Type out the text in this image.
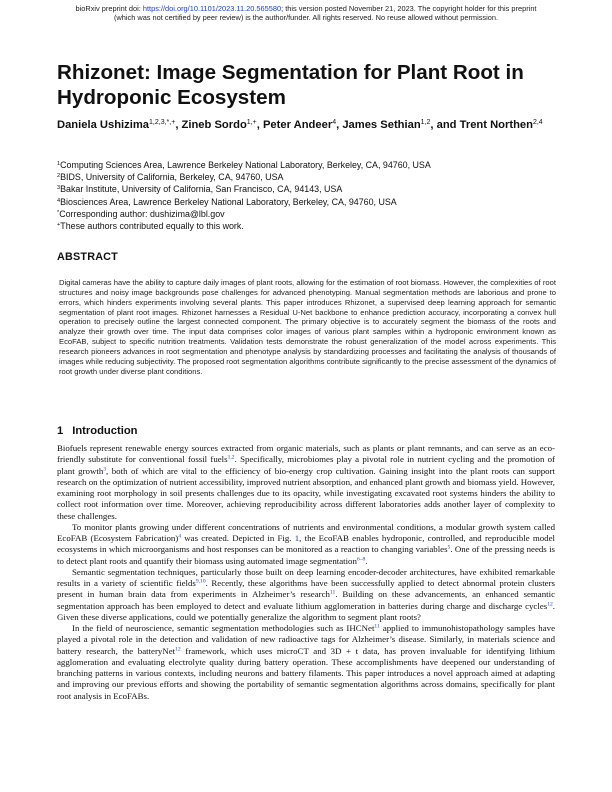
bioRxiv preprint doi: https://doi.org/10.1101/2023.11.20.565580; this version posted November 21, 2023. The copyright holder for this preprint
(which was not certified by peer review) is the author/funder. All rights reserved. No reuse allowed without permission.
Rhizonet: Image Segmentation for Plant Root in Hydroponic Ecosystem
Daniela Ushizima$^{1,2,3,*,+}$, Zineb Sordo$^{1,+}$, Peter Andeer$^4$, James Sethian$^{1,2}$, and Trent Northen$^{2,4}$
$^1$Computing Sciences Area, Lawrence Berkeley National Laboratory, Berkeley, CA, 94760, USA
$^2$BIDS, University of California, Berkeley, CA, 94760, USA
$^3$Bakar Institute, University of California, San Francisco, CA, 94143, USA
$^4$Biosciences Area, Lawrence Berkeley National Laboratory, Berkeley, CA, 94760, USA
*Corresponding author: dushizima@lbl.gov
+These authors contributed equally to this work.
ABSTRACT
Digital cameras have the ability to capture daily images of plant roots, allowing for the estimation of root biomass. However, the complexities of root structures and noisy image backgrounds pose challenges for advanced phenotyping. Manual segmentation methods are laborious and prone to errors, which hinders experiments involving several plants. This paper introduces Rhizonet, a supervised deep learning approach for semantic segmentation of plant root images. Rhizonet harnesses a Residual U-Net backbone to enhance prediction accuracy, incorporating a convex hull operation to precisely outline the largest connected component. The primary objective is to accurately segment the biomass of the roots and analyze their growth over time. The input data comprises color images of various plant samples within a hydroponic environment known as EcoFAB, subject to specific nutrition treatments. Validation tests demonstrate the robust generalization of the model across experiments. This research pioneers advances in root segmentation and phenotype analysis by standardizing processes and facilitating the analysis of thousands of images while reducing subjectivity. The proposed root segmentation algorithms contribute significantly to the precise assessment of the dynamics of root growth under diverse plant conditions.
1 Introduction

Biofuels represent renewable energy sources extracted from organic materials, such as plants or plant remnants, and can serve as an eco-friendly substitute for conventional fossil fuels$^{1,2}$. Specifically, microbiomes play a pivotal role in nutrient cycling and the promotion of plant growth$^3$, both of which are vital to the efficiency of bio-energy crop cultivation. Gaining insight into the plant roots can support research on the optimization of nutrient accessibility, improved nutrient absorption, and enhanced plant growth and biomass yield. However, examining root morphology in soil presents challenges due to its opacity, while investigating excavated root systems hinders the ability to collect root information over time. Moreover, achieving reproducibility across different laboratories adds another layer of complexity to these challenges.

To monitor plants growing under different concentrations of nutrients and environmental conditions, a modular growth system called EcoFAB (Ecosystem Fabrication)$^4$ was created. Depicted in Fig. 1, the EcoFAB enables hydroponic, controlled, and reproducible model ecosystems in which microorganisms and host responses can be monitored as a reaction to changing variables$^5$. One of the pressing needs is to detect plant roots and quantify their biomass using automated image segmentation$^{6-8}$.

Semantic segmentation techniques, particularly those built on deep learning encoder-decoder architectures, have exhibited remarkable results in a variety of scientific fields$^{9,10}$. Recently, these algorithms have been successfully applied to detect abnormal protein clusters present in human brain data from experiments in Alzheimer’s research$^{11}$. Building on these advancements, an enhanced semantic segmentation approach has been employed to detect and evaluate lithium agglomeration in batteries during charge and discharge cycles$^{12}$. Given these diverse applications, could we potentially generalize the algorithm to segment plant roots?

In the field of neuroscience, semantic segmentation methodologies such as IHCNet$^{11}$ applied to immunohistopathology samples have played a pivotal role in the detection and validation of new radioactive tags for Alzheimer’s disease. Similarly, in materials science and battery research, the batteryNet$^{12}$ framework, which uses microCT and 3D + t data, has proven invaluable for identifying lithium agglomeration and evaluating electrolyte quality during battery operation. These accomplishments have deepened our understanding of branching patterns in various contexts, including neurons and battery filaments. This paper introduces a novel approach aimed at adapting and improving our previous efforts and showing the portability of semantic segmentation algorithms across domains, specifically for plant root analysis in EcoFABs.
